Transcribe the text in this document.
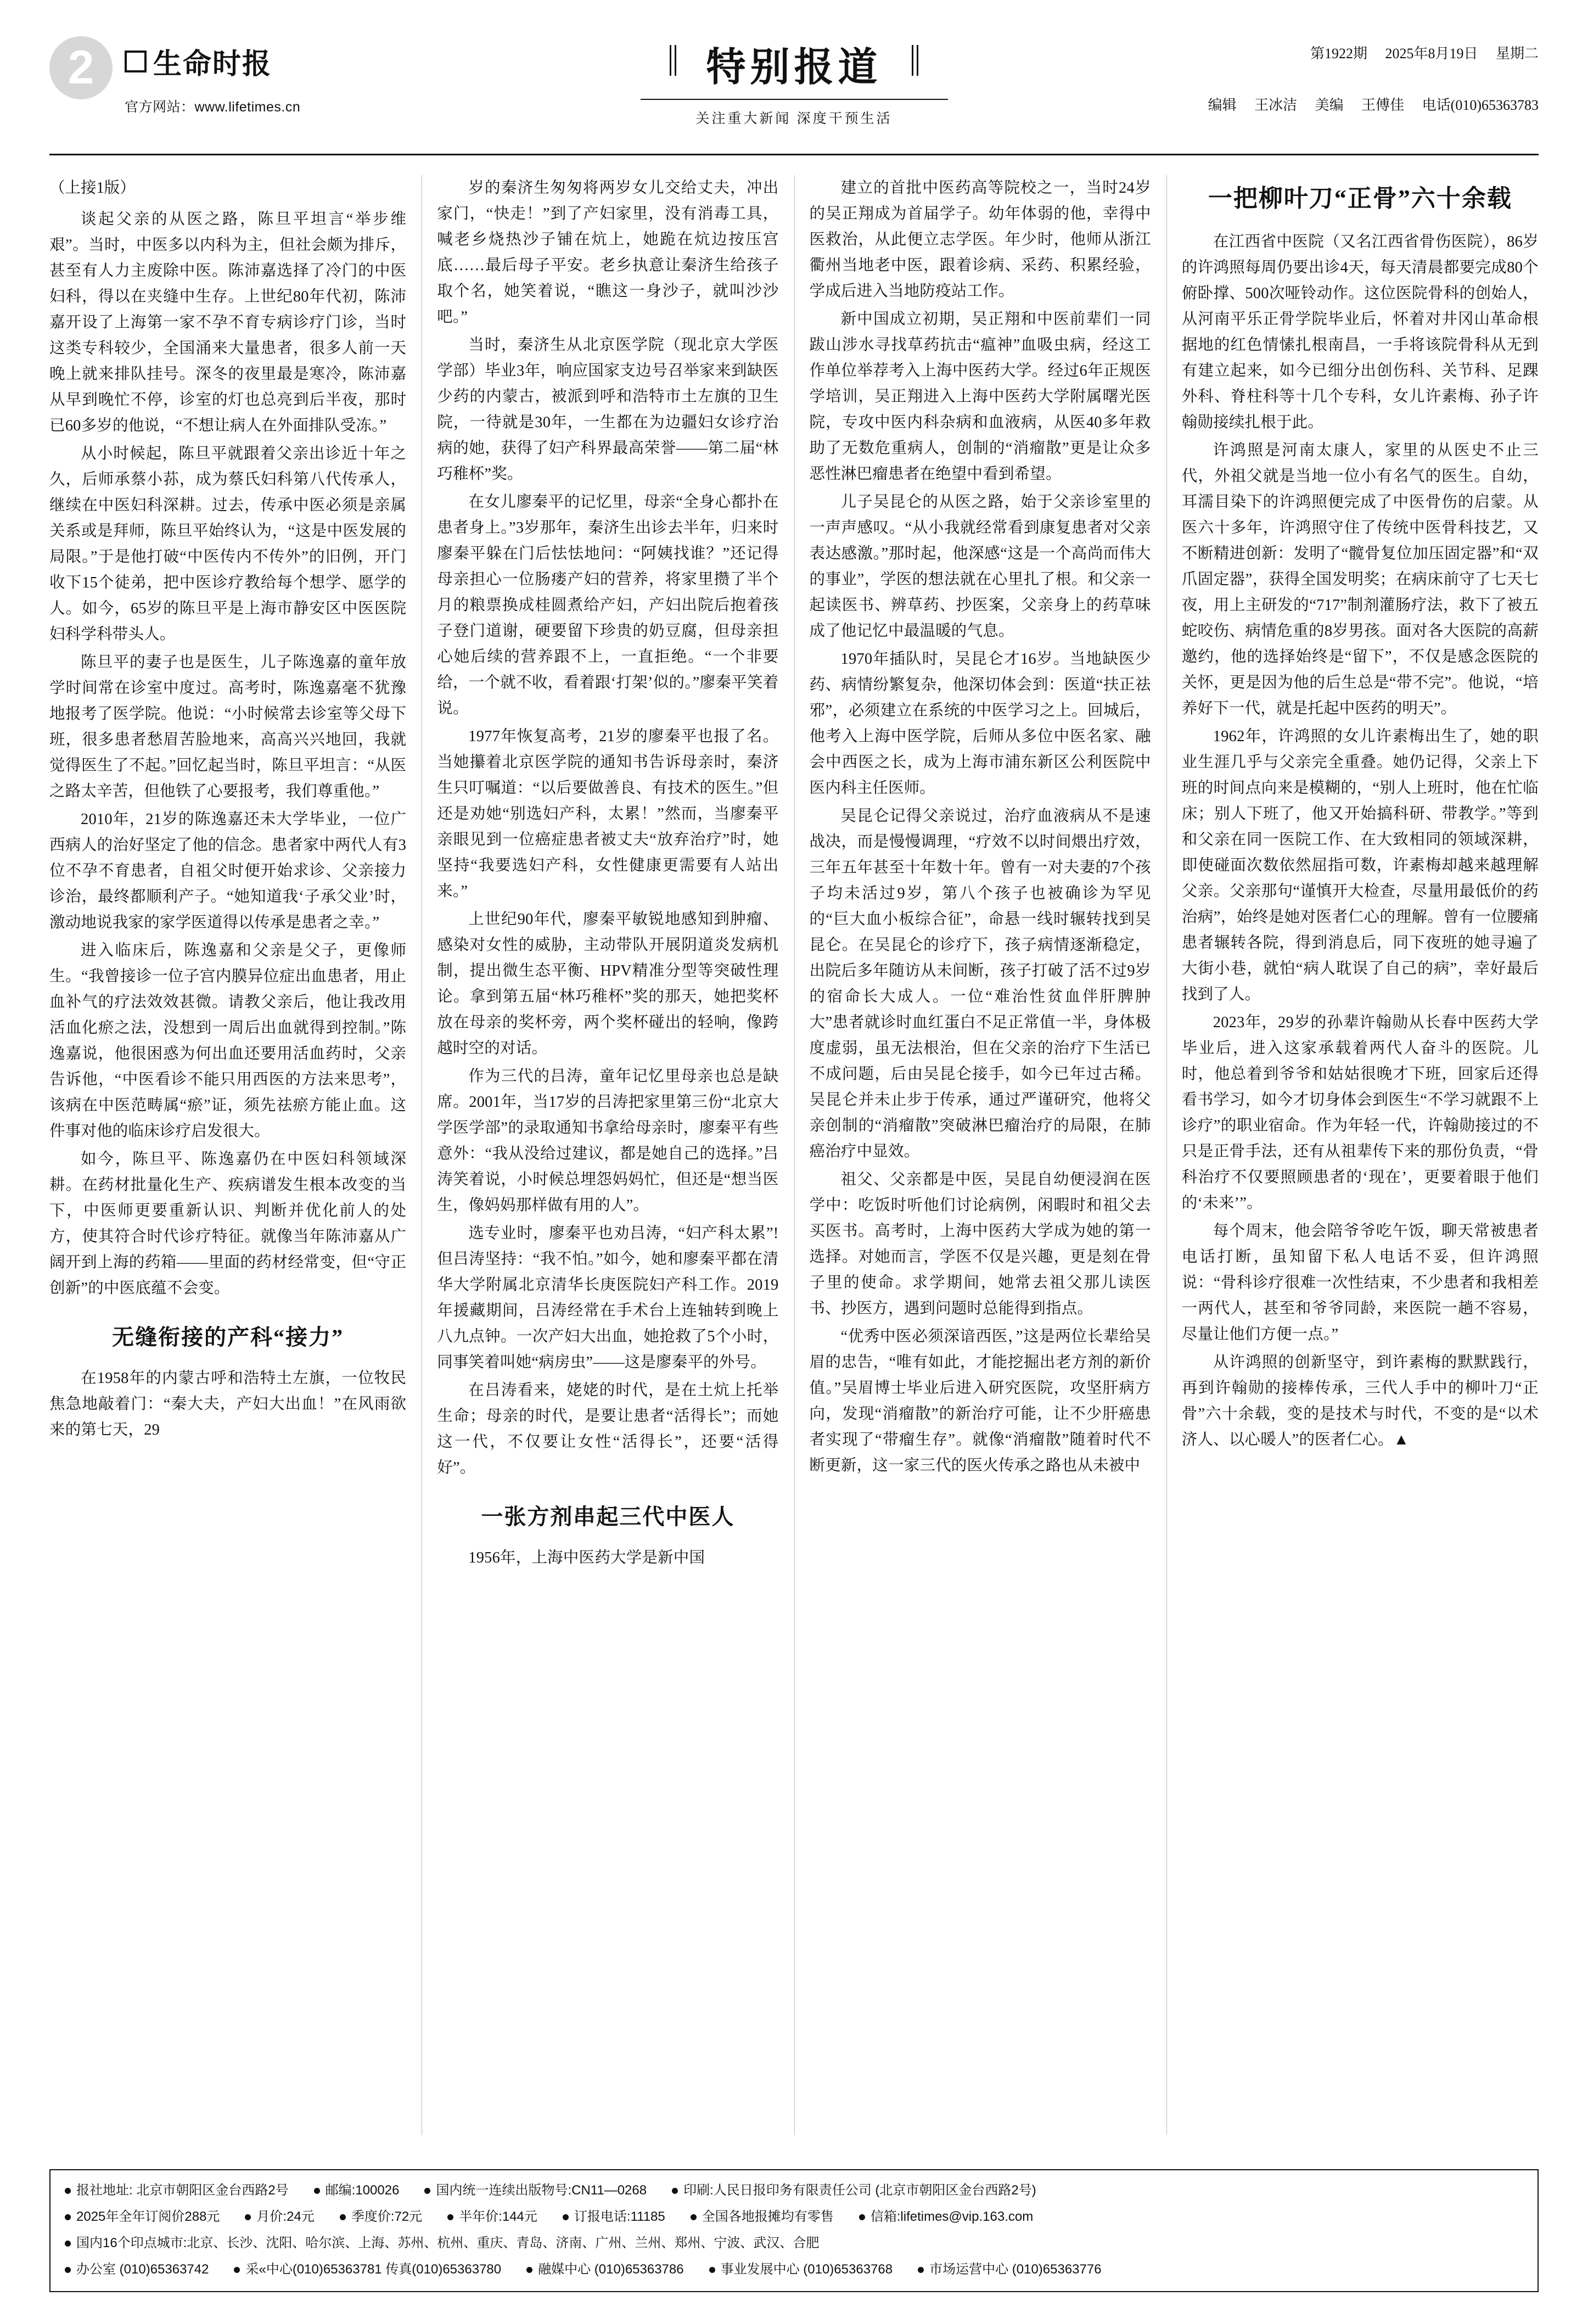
2	生命时报
官方网站：www.lifetimes.cn
特别报道
关注重大新闻 深度干预生活
第1922期 2025年8月19日 星期二
编辑 王冰洁 美编 王傅佳 电话(010)65363783
（上接1版）

谈起父亲的从医之路，陈旦平坦言“举步维艰”。当时，中医多以内科为主，但社会颇为排斥，甚至有人力主废除中医。陈沛嘉选择了冷门的中医妇科，得以在夹缝中生存。上世纪80年代初，陈沛嘉开设了上海第一家不孕不育专病诊疗门诊，当时这类专科较少，全国涌来大量患者，很多人前一天晚上就来排队挂号。深冬的夜里最是寒冷，陈沛嘉从早到晚忙不停，诊室的灯也总亮到后半夜，那时已60多岁的他说，“不想让病人在外面排队受冻。”

从小时候起，陈旦平就跟着父亲出诊近十年之久，后师承蔡小荪，成为蔡氏妇科第八代传承人，继续在中医妇科深耕。过去，传承中医必须是亲属关系或是拜师，陈旦平始终认为，“这是中医发展的局限。”于是他打破“中医传内不传外”的旧例，开门收下15个徒弟，把中医诊疗教给每个想学、愿学的人。如今，65岁的陈旦平是上海市静安区中医医院妇科学科带头人。

陈旦平的妻子也是医生，儿子陈逸嘉的童年放学时间常在诊室中度过。高考时，陈逸嘉毫不犹豫地报考了医学院。他说：“小时候常去诊室等父母下班，很多患者愁眉苦脸地来，高高兴兴地回，我就觉得医生了不起。”回忆起当时，陈旦平坦言：“从医之路太辛苦，但他铁了心要报考，我们尊重他。”

2010年，21岁的陈逸嘉还未大学毕业，一位广西病人的治好坚定了他的信念。患者家中两代人有3位不孕不育患者，自祖父时便开始求诊、父亲接力诊治，最终都顺利产子。“她知道我‘子承父业’时，激动地说我家的家学医道得以传承是患者之幸。”

进入临床后，陈逸嘉和父亲是父子，更像师生。“我曾接诊一位子宫内膜异位症出血患者，用止血补气的疗法效效甚微。请教父亲后，他让我改用活血化瘀之法，没想到一周后出血就得到控制。”陈逸嘉说，他很困惑为何出血还要用活血药时，父亲告诉他，“中医看诊不能只用西医的方法来思考”，该病在中医范畴属“瘀”证，须先祛瘀方能止血。这件事对他的临床诊疗启发很大。

如今，陈旦平、陈逸嘉仍在中医妇科领域深耕。在药材批量化生产、疾病谱发生根本改变的当下，中医师更要重新认识、判断并优化前人的处方，使其符合时代诊疗特征。就像当年陈沛嘉从广阔开到上海的药箱——里面的药材经常变，但“守正创新”的中医底蕴不会变。

无缝衔接的产科“接力”

在1958年的内蒙古呼和浩特土左旗，一位牧民焦急地敲着门：“秦大夫，产妇大出血！”在风雨欲来的第七天，29

岁的秦济生匆匆将两岁女儿交给丈夫，冲出家门，“快走！”到了产妇家里，没有消毒工具，喊老乡烧热沙子铺在炕上，她跪在炕边按压宫底……最后母子平安。老乡执意让秦济生给孩子取个名，她笑着说，“瞧这一身沙子，就叫沙沙吧。”

当时，秦济生从北京医学院（现北京大学医学部）毕业3年，响应国家支边号召举家来到缺医少药的内蒙古，被派到呼和浩特市土左旗的卫生院，一待就是30年，一生都在为边疆妇女诊疗治病的她，获得了妇产科界最高荣誉——第二届“林巧稚杯”奖。

在女儿廖秦平的记忆里，母亲“全身心都扑在患者身上。”3岁那年，秦济生出诊去半年，归来时廖秦平躲在门后怯怯地问：“阿姨找谁？”还记得母亲担心一位肠瘘产妇的营养，将家里攒了半个月的粮票换成桂圆煮给产妇，产妇出院后抱着孩子登门道谢，硬要留下珍贵的奶豆腐，但母亲担心她后续的营养跟不上，一直拒绝。“一个非要给，一个就不收，看着跟‘打架’似的。”廖秦平笑着说。

1977年恢复高考，21岁的廖秦平也报了名。当她攥着北京医学院的通知书告诉母亲时，秦济生只叮嘱道：“以后要做善良、有技术的医生。”但还是劝她“别选妇产科，太累！”然而，当廖秦平亲眼见到一位癌症患者被丈夫“放弃治疗”时，她坚持“我要选妇产科，女性健康更需要有人站出来。”

上世纪90年代，廖秦平敏锐地感知到肿瘤、感染对女性的威胁，主动带队开展阴道炎发病机制，提出微生态平衡、HPV精准分型等突破性理论。拿到第五届“林巧稚杯”奖的那天，她把奖杯放在母亲的奖杯旁，两个奖杯碰出的轻响，像跨越时空的对话。

作为三代的吕涛，童年记忆里母亲也总是缺席。2001年，当17岁的吕涛把家里第三份“北京大学医学部”的录取通知书拿给母亲时，廖秦平有些意外：“我从没给过建议，都是她自己的选择。”吕涛笑着说，小时候总埋怨妈妈忙，但还是“想当医生，像妈妈那样做有用的人”。

选专业时，廖秦平也劝吕涛，“妇产科太累”!但吕涛坚持：“我不怕。”如今，她和廖秦平都在清华大学附属北京清华长庚医院妇产科工作。2019年援藏期间，吕涛经常在手术台上连轴转到晚上八九点钟。一次产妇大出血，她抢救了5个小时，同事笑着叫她“病房虫”——这是廖秦平的外号。

在吕涛看来，姥姥的时代，是在土炕上托举生命；母亲的时代，是要让患者“活得长”；而她这一代，不仅要让女性“活得长”，还要“活得好”。

一张方剂串起三代中医人

1956年，上海中医药大学是新中国

建立的首批中医药高等院校之一，当时24岁的吴正翔成为首届学子。幼年体弱的他，幸得中医救治，从此便立志学医。年少时，他师从浙江衢州当地老中医，跟着诊病、采药、积累经验，学成后进入当地防疫站工作。

新中国成立初期，吴正翔和中医前辈们一同跋山涉水寻找草药抗击“瘟神”血吸虫病，经这工作单位举荐考入上海中医药大学。经过6年正规医学培训，吴正翔进入上海中医药大学附属曙光医院，专攻中医内科杂病和血液病，从医40多年救助了无数危重病人，创制的“消瘤散”更是让众多恶性淋巴瘤患者在绝望中看到希望。

儿子吴昆仑的从医之路，始于父亲诊室里的一声声感叹。“从小我就经常看到康复患者对父亲表达感激。”那时起，他深感“这是一个高尚而伟大的事业”，学医的想法就在心里扎了根。和父亲一起读医书、辨草药、抄医案，父亲身上的药草味成了他记忆中最温暖的气息。

1970年插队时，吴昆仑才16岁。当地缺医少药、病情纷繁复杂，他深切体会到：医道“扶正祛邪”，必须建立在系统的中医学习之上。回城后，他考入上海中医学院，后师从多位中医名家、融会中西医之长，成为上海市浦东新区公利医院中医内科主任医师。

吴昆仑记得父亲说过，治疗血液病从不是速战决，而是慢慢调理，“疗效不以时间煨出疗效，三年五年甚至十年数十年。曾有一对夫妻的7个孩子均未活过9岁，第八个孩子也被确诊为罕见的“巨大血小板综合征”，命悬一线时辗转找到吴昆仑。在吴昆仑的诊疗下，孩子病情逐渐稳定，出院后多年随访从未间断，孩子打破了活不过9岁的宿命长大成人。一位“难治性贫血伴肝脾肿大”患者就诊时血红蛋白不足正常值一半，身体极度虚弱，虽无法根治，但在父亲的治疗下生活已不成问题，后由吴昆仑接手，如今已年过古稀。吴昆仑并未止步于传承，通过严谨研究，他将父亲创制的“消瘤散”突破淋巴瘤治疗的局限，在肺癌治疗中显效。

祖父、父亲都是中医，吴昆自幼便浸润在医学中：吃饭时听他们讨论病例，闲暇时和祖父去买医书。高考时，上海中医药大学成为她的第一选择。对她而言，学医不仅是兴趣，更是刻在骨子里的使命。求学期间，她常去祖父那儿读医书、抄医方，遇到问题时总能得到指点。

“优秀中医必须深谙西医，”这是两位长辈给吴眉的忠告，“唯有如此，才能挖掘出老方剂的新价值。”吴眉博士毕业后进入研究医院，攻坚肝病方向，发现“消瘤散”的新治疗可能，让不少肝癌患者实现了“带瘤生存”。就像“消瘤散”随着时代不断更新，这一家三代的医火传承之路也从未被中

一把柳叶刀“正骨”六十余载

在江西省中医院（又名江西省骨伤医院），86岁的许鸿照每周仍要出诊4天，每天清晨都要完成80个俯卧撑、500次哑铃动作。这位医院骨科的创始人，从河南平乐正骨学院毕业后，怀着对井冈山革命根据地的红色情愫扎根南昌，一手将该院骨科从无到有建立起来，如今已细分出创伤科、关节科、足踝外科、脊柱科等十几个专科，女儿许素梅、孙子许翰勋接续扎根于此。

许鸿照是河南太康人，家里的从医史不止三代，外祖父就是当地一位小有名气的医生。自幼，耳濡目染下的许鸿照便完成了中医骨伤的启蒙。从医六十多年，许鸿照守住了传统中医骨科技艺，又不断精进创新：发明了“髋骨复位加压固定器”和“双爪固定器”，获得全国发明奖；在病床前守了七天七夜，用上主研发的“717”制剂灌肠疗法，救下了被五蛇咬伤、病情危重的8岁男孩。面对各大医院的高薪邀约，他的选择始终是“留下”，不仅是感念医院的关怀，更是因为他的后生总是“带不完”。他说，“培养好下一代，就是托起中医药的明天”。

1962年，许鸿照的女儿许素梅出生了，她的职业生涯几乎与父亲完全重叠。她仍记得，父亲上下班的时间点向来是模糊的，“别人上班时，他在忙临床；别人下班了，他又开始搞科研、带教学。”等到和父亲在同一医院工作、在大致相同的领域深耕，即使碰面次数依然屈指可数，许素梅却越来越理解父亲。父亲那句“谨慎开大检查，尽量用最低价的药治病”，始终是她对医者仁心的理解。曾有一位腰痛患者辗转各院，得到消息后，同下夜班的她寻遍了大街小巷，就怕“病人耽误了自己的病”，幸好最后找到了人。

2023年，29岁的孙辈许翰勋从长春中医药大学毕业后，进入这家承载着两代人奋斗的医院。儿时，他总着到爷爷和姑姑很晚才下班，回家后还得看书学习，如今才切身体会到医生“不学习就跟不上诊疗”的职业宿命。作为年轻一代，许翰勋接过的不只是正骨手法，还有从祖辈传下来的那份负责，“骨科治疗不仅要照顾患者的‘现在’，更要着眼于他们的‘未来’”。

每个周末，他会陪爷爷吃午饭，聊天常被患者电话打断，虽知留下私人电话不妥，但许鸿照说：“骨科诊疗很难一次性结束，不少患者和我相差一两代人，甚至和爷爷同龄，来医院一趟不容易，尽量让他们方便一点。”

从许鸿照的创新坚守，到许素梅的默默践行，再到许翰勋的接棒传承，三代人手中的柳叶刀“正骨”六十余载，变的是技术与时代，不变的是“以术济人、以心暖人”的医者仁心。▲

报社地址: 北京市朝阳区金台西路2号	邮编:100026	国内统一连续出版物号:CN11—0268	印刷:人民日报印务有限责任公司 (北京市朝阳区金台西路2号)
2025年全年订阅价288元	月价:24元	季度价:72元	半年价:144元	订报电话:11185	全国各地报摊均有零售	信箱:lifetimes@vip.163.com
国内16个印点城市:北京、长沙、沈阳、哈尔滨、上海、苏州、杭州、重庆、青岛、济南、广州、兰州、郑州、宁波、武汉、合肥
办公室 (010)65363742	采«中心(010)65363781 传真(010)65363780	融媒中心 (010)65363786	事业发展中心 (010)65363768	市场运营中心 (010)65363776
